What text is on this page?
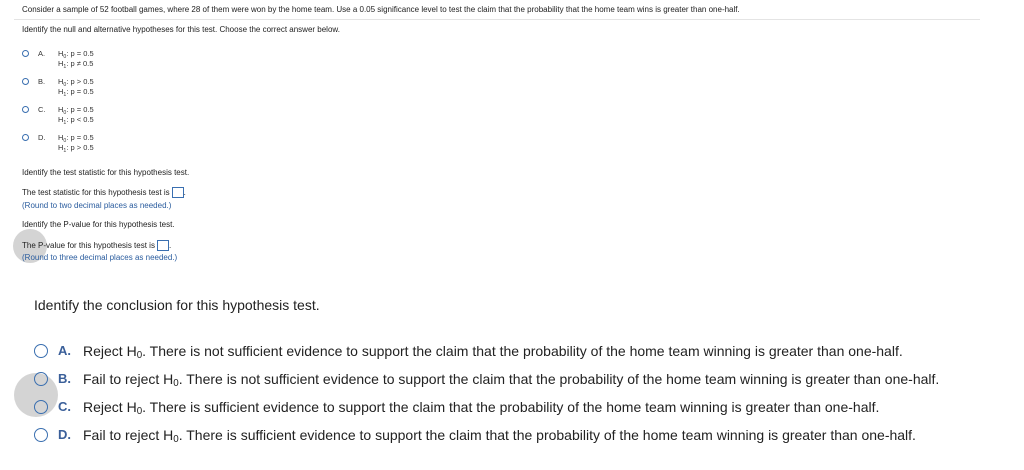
Consider a sample of 52 football games, where 28 of them were won by the home team. Use a 0.05 significance level to test the claim that the probability that the home team wins is greater than one-half.
Identify the null and alternative hypotheses for this test. Choose the correct answer below.
A. $H_0$: p = 0.5
$H_1$: p ≠ 0.5
B. $H_0$: p > 0.5
$H_1$: p = 0.5
C. $H_0$: p = 0.5
$H_1$: p < 0.5
D. $H_0$: p = 0.5
$H_1$: p > 0.5
Identify the test statistic for this hypothesis test.
The test statistic for this hypothesis test is .
(Round to two decimal places as needed.)
Identify the P-value for this hypothesis test.
The P-value for this hypothesis test is .
(Round to three decimal places as needed.)
Identify the conclusion for this hypothesis test.
A. Reject $H_0$. There is not sufficient evidence to support the claim that the probability of the home team winning is greater than one-half.
B. Fail to reject $H_0$. There is not sufficient evidence to support the claim that the probability of the home team winning is greater than one-half.
C. Reject $H_0$. There is sufficient evidence to support the claim that the probability of the home team winning is greater than one-half.
D. Fail to reject $H_0$. There is sufficient evidence to support the claim that the probability of the home team winning is greater than one-half.
